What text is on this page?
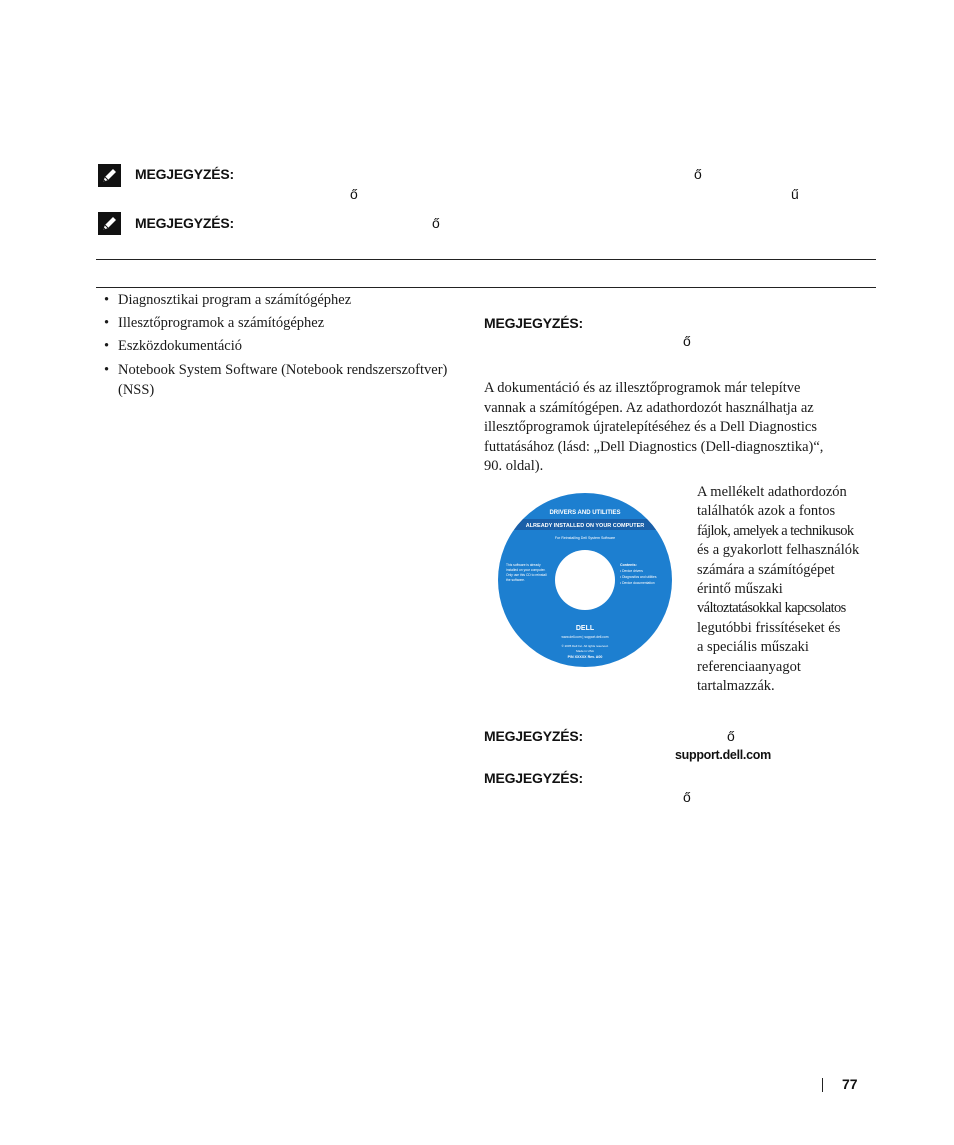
MEGJEGYZÉS:	ő
ő	ű
MEGJEGYZÉS:	ő
• Diagnosztikai program a számítógéphez
• Illesztőprogramok a számítógéphez
• Eszközdokumentáció
• Notebook System Software (Notebook rendszerszoftver)
(NSS)
MEGJEGYZÉS:
ő
A dokumentáció és az illesztőprogramok már telepítve
vannak a számítógépen. Az adathordozót használhatja az
illesztőprogramok újratelepítéséhez és a Dell Diagnostics
futtatásához (lásd: „Dell Diagnostics (Dell-diagnosztika)“,
90. oldal).
DRIVERS AND UTILITIES
ALREADY INSTALLED ON YOUR COMPUTER
For Reinstalling Dell System Software
This software is already
installed on your computer.
Only use this CD to reinstall
the software.
Contents:
• Device drivers
• Diagnostics and utilities
• Device documentation
DELL
www.dell.com | support.dell.com
© 2005 Dell Inc. All rights reserved.
Made in USA
P/N XXXXX Rev. A00
A mellékelt adathordozón
találhatók azok a fontos
fájlok, amelyek a technikusok
és a gyakorlott felhasználók
számára a számítógépet
érintő műszaki
változtatásokkal kapcsolatos
legutóbbi frissítéseket és
a speciális műszaki
referenciaanyagot
tartalmazzák.
MEGJEGYZÉS:	ő
support.dell.com
MEGJEGYZÉS:
ő
77
